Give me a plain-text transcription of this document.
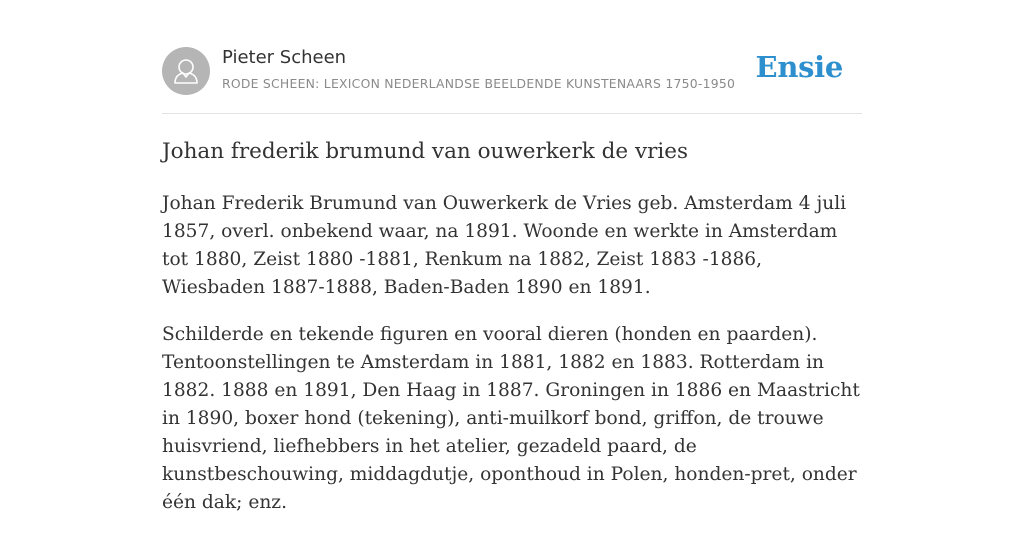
Pieter Scheen
RODE SCHEEN: LEXICON NEDERLANDSE BEELDENDE KUNSTENAARS 1750-1950 Ensie
Johan frederik brumund van ouwerkerk de vries

Johan Frederik Brumund van Ouwerkerk de Vries geb. Amsterdam 4 juli 1857, overl. onbekend waar, na 1891. Woonde en werkte in Amsterdam tot 1880, Zeist 1880 -1881, Renkum na 1882, Zeist 1883 -1886, Wiesbaden 1887-1888, Baden-Baden 1890 en 1891.

Schilderde en tekende figuren en vooral dieren (honden en paarden). Tentoonstellingen te Amsterdam in 1881, 1882 en 1883. Rotterdam in 1882. 1888 en 1891, Den Haag in 1887. Groningen in 1886 en Maastricht in 1890, boxer hond (tekening), anti-muilkorf bond, griffon, de trouwe huisvriend, liefhebbers in het atelier, gezadeld paard, de kunstbeschouwing, middagdutje, oponthoud in Polen, honden-pret, onder één dak; enz.
